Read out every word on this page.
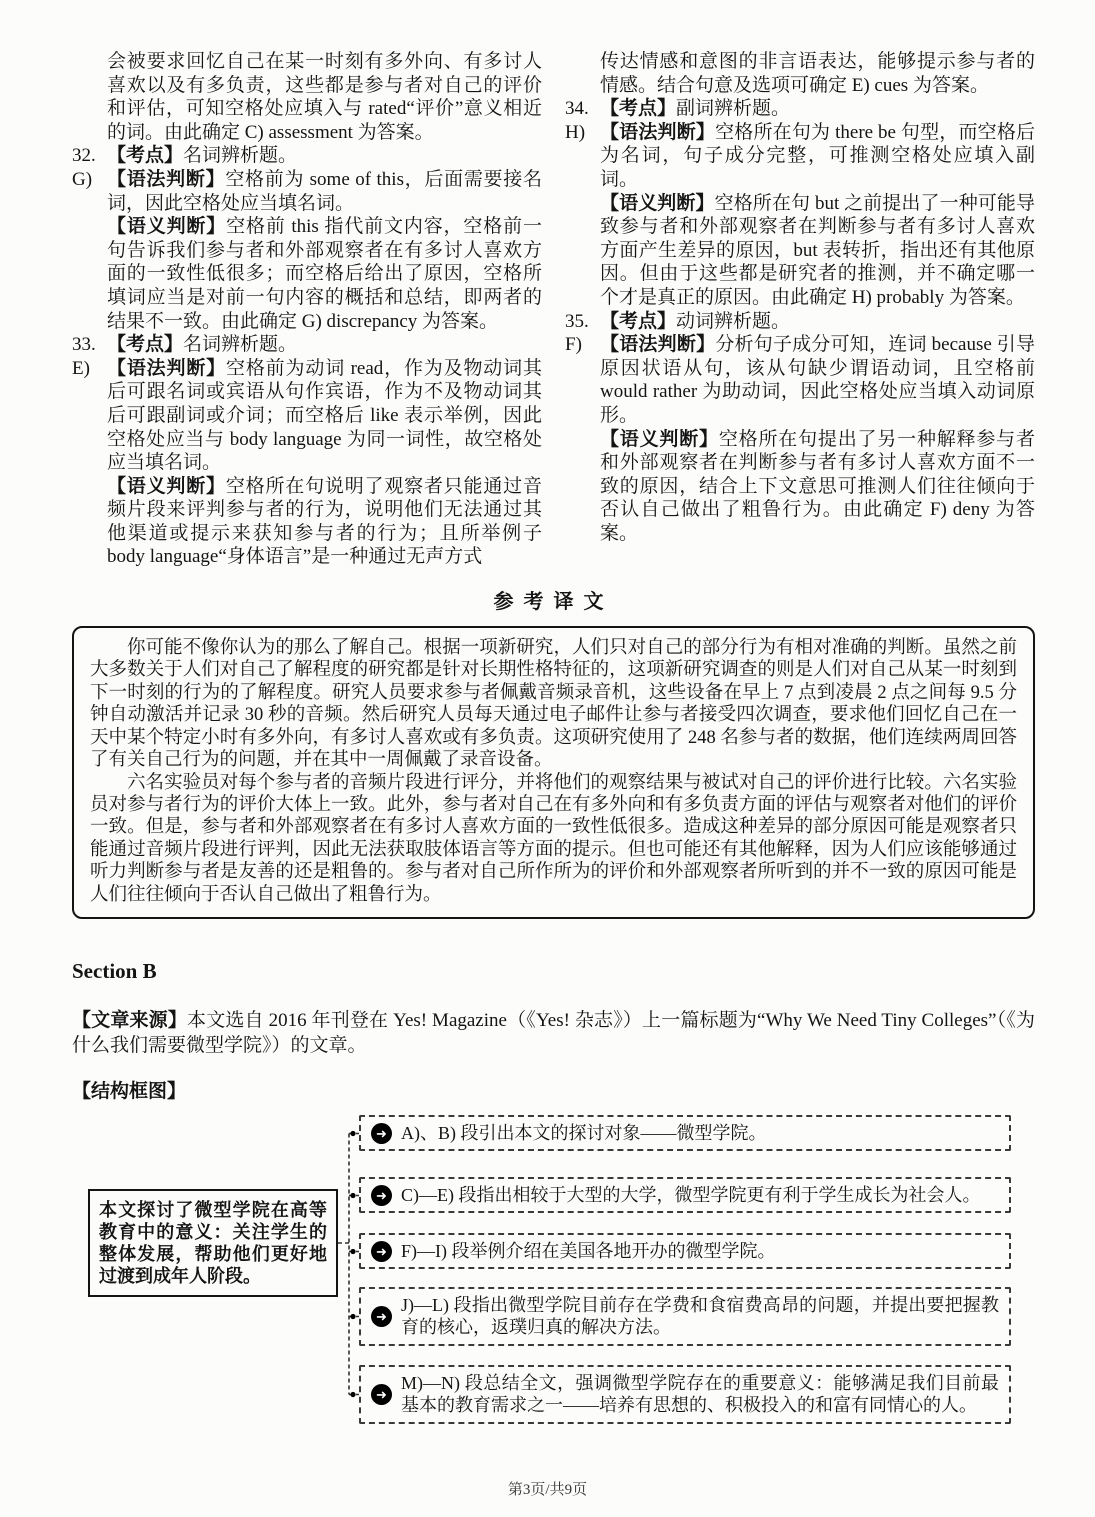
会被要求回忆自己在某一时刻有多外向、有多讨人喜欢以及有多负责，这些都是参与者对自己的评价和评估，可知空格处应填入与 rated“评价”意义相近的词。由此确定 C) assessment 为答案。
32. 【考点】名词辨析题。
G) 【语法判断】空格前为 some of this，后面需要接名词，因此空格处应当填名词。
【语义判断】空格前 this 指代前文内容，空格前一句告诉我们参与者和外部观察者在有多讨人喜欢方面的一致性低很多；而空格后给出了原因，空格所填词应当是对前一句内容的概括和总结，即两者的结果不一致。由此确定 G) discrepancy 为答案。
33. 【考点】名词辨析题。
E) 【语法判断】空格前为动词 read，作为及物动词其后可跟名词或宾语从句作宾语，作为不及物动词其后可跟副词或介词；而空格后 like 表示举例，因此空格处应当与 body language 为同一词性，故空格处应当填名词。
【语义判断】空格所在句说明了观察者只能通过音频片段来评判参与者的行为，说明他们无法通过其他渠道或提示来获知参与者的行为；且所举例子 body language“身体语言”是一种通过无声方式
传达情感和意图的非言语表达，能够提示参与者的情感。结合句意及选项可确定 E) cues 为答案。
34. 【考点】副词辨析题。
H) 【语法判断】空格所在句为 there be 句型，而空格后为名词，句子成分完整，可推测空格处应填入副词。
【语义判断】空格所在句 but 之前提出了一种可能导致参与者和外部观察者在判断参与者有多讨人喜欢方面产生差异的原因，but 表转折，指出还有其他原因。但由于这些都是研究者的推测，并不确定哪一个才是真正的原因。由此确定 H) probably 为答案。
35. 【考点】动词辨析题。
F) 【语法判断】分析句子成分可知，连词 because 引导原因状语从句，该从句缺少谓语动词，且空格前 would rather 为助动词，因此空格处应当填入动词原形。
【语义判断】空格所在句提出了另一种解释参与者和外部观察者在判断参与者有多讨人喜欢方面不一致的原因，结合上下文意思可推测人们往往倾向于否认自己做出了粗鲁行为。由此确定 F) deny 为答案。
参考译文

你可能不像你认为的那么了解自己。根据一项新研究，人们只对自己的部分行为有相对准确的判断。虽然之前大多数关于人们对自己了解程度的研究都是针对长期性格特征的，这项新研究调查的则是人们对自己从某一时刻到下一时刻的行为的了解程度。研究人员要求参与者佩戴音频录音机，这些设备在早上 7 点到凌晨 2 点之间每 9.5 分钟自动激活并记录 30 秒的音频。然后研究人员每天通过电子邮件让参与者接受四次调查，要求他们回忆自己在一天中某个特定小时有多外向，有多讨人喜欢或有多负责。这项研究使用了 248 名参与者的数据，他们连续两周回答了有关自己行为的问题，并在其中一周佩戴了录音设备。

六名实验员对每个参与者的音频片段进行评分，并将他们的观察结果与被试对自己的评价进行比较。六名实验员对参与者行为的评价大体上一致。此外，参与者对自己在有多外向和有多负责方面的评估与观察者对他们的评价一致。但是，参与者和外部观察者在有多讨人喜欢方面的一致性低很多。造成这种差异的部分原因可能是观察者只能通过音频片段进行评判，因此无法获取肢体语言等方面的提示。但也可能还有其他解释，因为人们应该能够通过听力判断参与者是友善的还是粗鲁的。参与者对自己所作所为的评价和外部观察者所听到的并不一致的原因可能是人们往往倾向于否认自己做出了粗鲁行为。

Section B

【文章来源】本文选自 2016 年刊登在 Yes! Magazine（《Yes! 杂志》）上一篇标题为“Why We Need Tiny Colleges”（《为什么我们需要微型学院》）的文章。

【结构框图】

本文探讨了微型学院在高等教育中的意义：关注学生的整体发展，帮助他们更好地过渡到成年人阶段。
➜ A)、B) 段引出本文的探讨对象——微型学院。
➜ C)—E) 段指出相较于大型的大学，微型学院更有利于学生成长为社会人。
➜ F)—I) 段举例介绍在美国各地开办的微型学院。
➜
J)—L) 段指出微型学院目前存在学费和食宿费高昂的问题，并提出要把握教育的核心，返璞归真的解决方法。
➜
M)—N) 段总结全文，强调微型学院存在的重要意义：能够满足我们目前最基本的教育需求之一——培养有思想的、积极投入的和富有同情心的人。
第3页/共9页
